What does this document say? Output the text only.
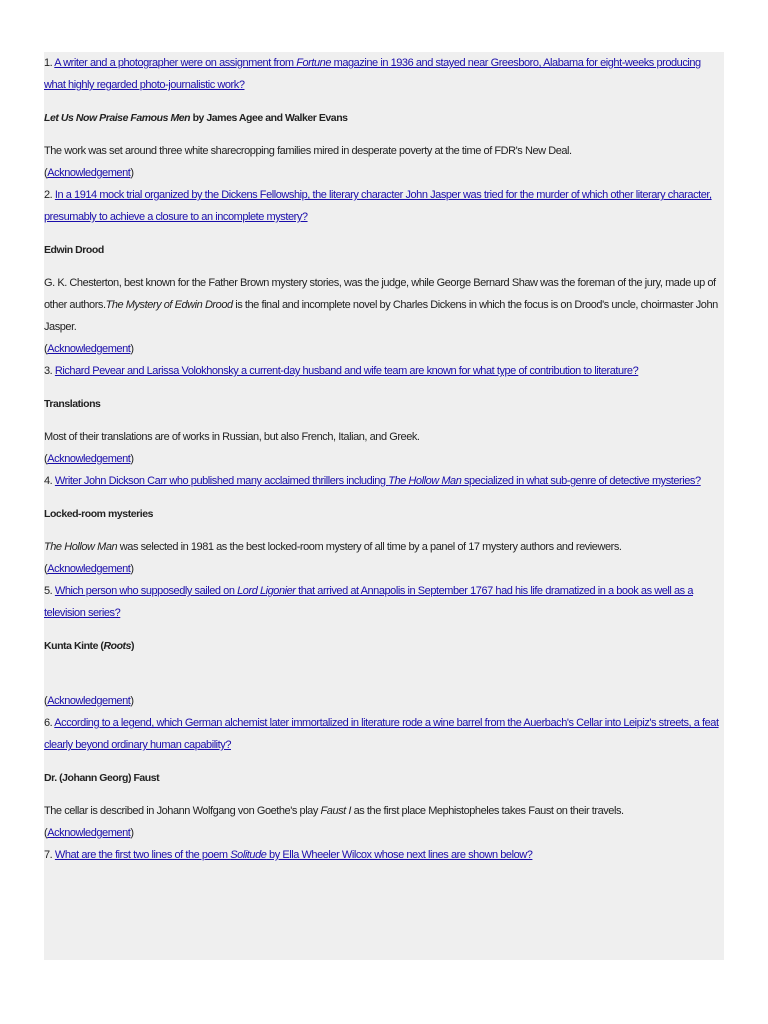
1. A writer and a photographer were on assignment from Fortune magazine in 1936 and stayed near Greesboro, Alabama for eight-weeks producing what highly regarded photo-journalistic work?

Let Us Now Praise Famous Men by James Agee and Walker Evans

The work was set around three white sharecropping families mired in desperate poverty at the time of FDR's New Deal.

(Acknowledgement)

2. In a 1914 mock trial organized by the Dickens Fellowship, the literary character John Jasper was tried for the murder of which other literary character, presumably to achieve a closure to an incomplete mystery?

Edwin Drood

G. K. Chesterton, best known for the Father Brown mystery stories, was the judge, while George Bernard Shaw was the foreman of the jury, made up of other authors.The Mystery of Edwin Drood is the final and incomplete novel by Charles Dickens in which the focus is on Drood's uncle, choirmaster John Jasper.

(Acknowledgement)

3. Richard Pevear and Larissa Volokhonsky a current-day husband and wife team are known for what type of contribution to literature?

Translations

Most of their translations are of works in Russian, but also French, Italian, and Greek.

(Acknowledgement)

4. Writer John Dickson Carr who published many acclaimed thrillers including The Hollow Man specialized in what sub-genre of detective mysteries?

Locked-room mysteries

The Hollow Man was selected in 1981 as the best locked-room mystery of all time by a panel of 17 mystery authors and reviewers.

(Acknowledgement)

5. Which person who supposedly sailed on Lord Ligonier that arrived at Annapolis in September 1767 had his life dramatized in a book as well as a television series?

Kunta Kinte (Roots)

(Acknowledgement)

6. According to a legend, which German alchemist later immortalized in literature rode a wine barrel from the Auerbach's Cellar into Leipiz's streets, a feat clearly beyond ordinary human capability?

Dr. (Johann Georg) Faust

The cellar is described in Johann Wolfgang von Goethe's play Faust I as the first place Mephistopheles takes Faust on their travels.

(Acknowledgement)

7. What are the first two lines of the poem Solitude by Ella Wheeler Wilcox whose next lines are shown below?
